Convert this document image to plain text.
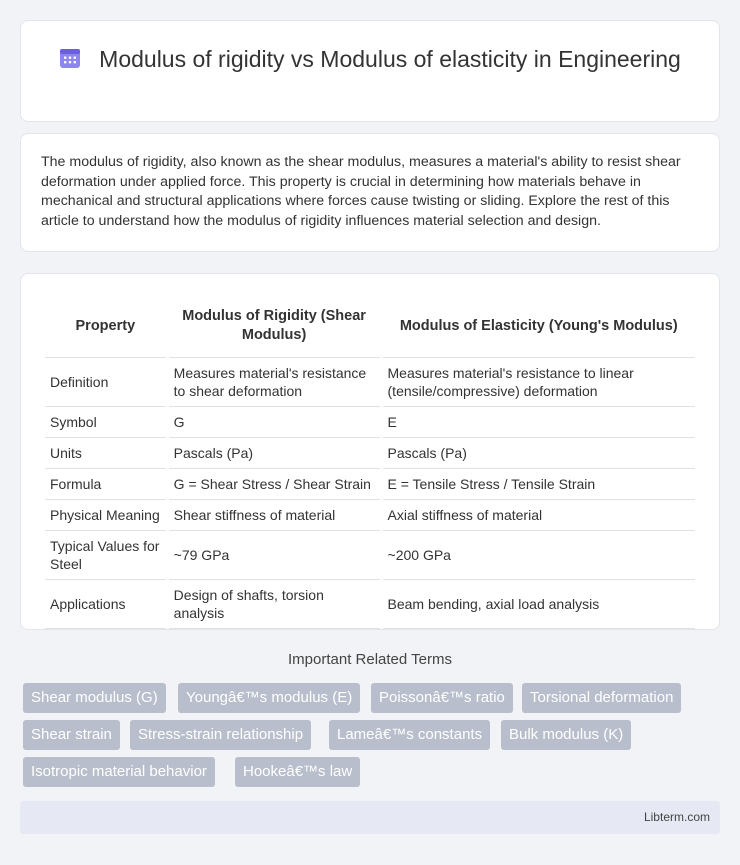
Modulus of rigidity vs Modulus of elasticity in Engineering

The modulus of rigidity, also known as the shear modulus, measures a material's ability to resist shear deformation under applied force. This property is crucial in determining how materials behave in mechanical and structural applications where forces cause twisting or sliding. Explore the rest of this article to understand how the modulus of rigidity influences material selection and design.

Property	Modulus of Rigidity (Shear Modulus)	Modulus of Elasticity (Young's Modulus)
Definition	Measures material's resistance to shear deformation	Measures material's resistance to linear (tensile/compressive) deformation
Symbol	G	E
Units	Pascals (Pa)	Pascals (Pa)
Formula	G = Shear Stress / Shear Strain	E = Tensile Stress / Tensile Strain
Physical Meaning	Shear stiffness of material	Axial stiffness of material
Typical Values for Steel	~79 GPa	~200 GPa
Applications	Design of shafts, torsion analysis	Beam bending, axial load analysis
Important Related Terms
Shear modulus (G)	Youngâ€™s modulus (E)	Poissonâ€™s ratio	Torsional deformation
Shear strain	Stress-strain relationship	Lameâ€™s constants	Bulk modulus (K)
Isotropic material behavior	Hookeâ€™s law
Libterm.com
